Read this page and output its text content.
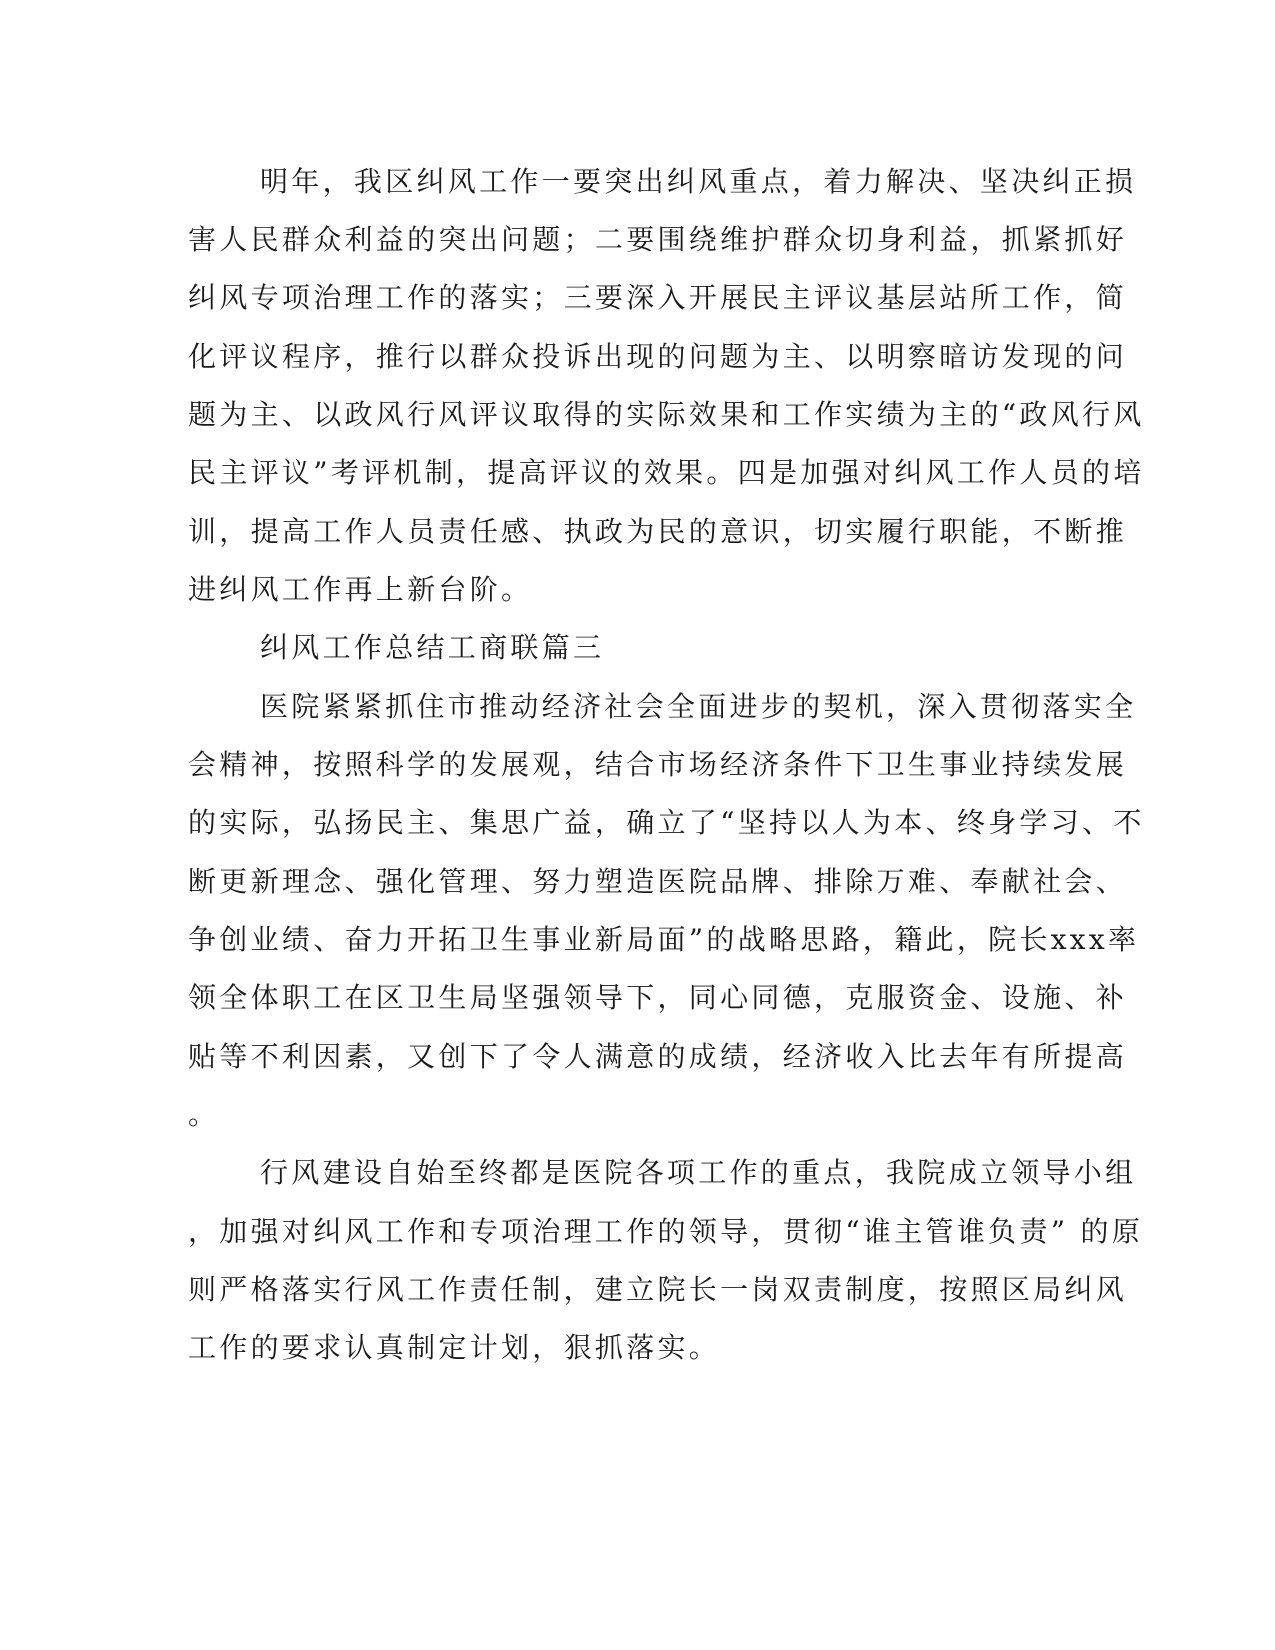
明年，我区纠风工作一要突出纠风重点，着力解决、坚决纠正损
害人民群众利益的突出问题；二要围绕维护群众切身利益，抓紧抓好
纠风专项治理工作的落实；三要深入开展民主评议基层站所工作，简
化评议程序，推行以群众投诉出现的问题为主、以明察暗访发现的问
题为主、以政风行风评议取得的实际效果和工作实绩为主的“政风行风
民主评议”考评机制，提高评议的效果。四是加强对纠风工作人员的培
训，提高工作人员责任感、执政为民的意识，切实履行职能，不断推
进纠风工作再上新台阶。
纠风工作总结工商联篇三
医院紧紧抓住市推动经济社会全面进步的契机，深入贯彻落实全
会精神，按照科学的发展观，结合市场经济条件下卫生事业持续发展
的实际，弘扬民主、集思广益，确立了“坚持以人为本、终身学习、不
断更新理念、强化管理、努力塑造医院品牌、排除万难、奉献社会、
争创业绩、奋力开拓卫生事业新局面”的战略思路，籍此，院长xxx率
领全体职工在区卫生局坚强领导下，同心同德，克服资金、设施、补
贴等不利因素，又创下了令人满意的成绩，经济收入比去年有所提高
。
行风建设自始至终都是医院各项工作的重点，我院成立领导小组
，加强对纠风工作和专项治理工作的领导，贯彻“谁主管谁负责” 的原
则严格落实行风工作责任制，建立院长一岗双责制度，按照区局纠风
工作的要求认真制定计划，狠抓落实。
